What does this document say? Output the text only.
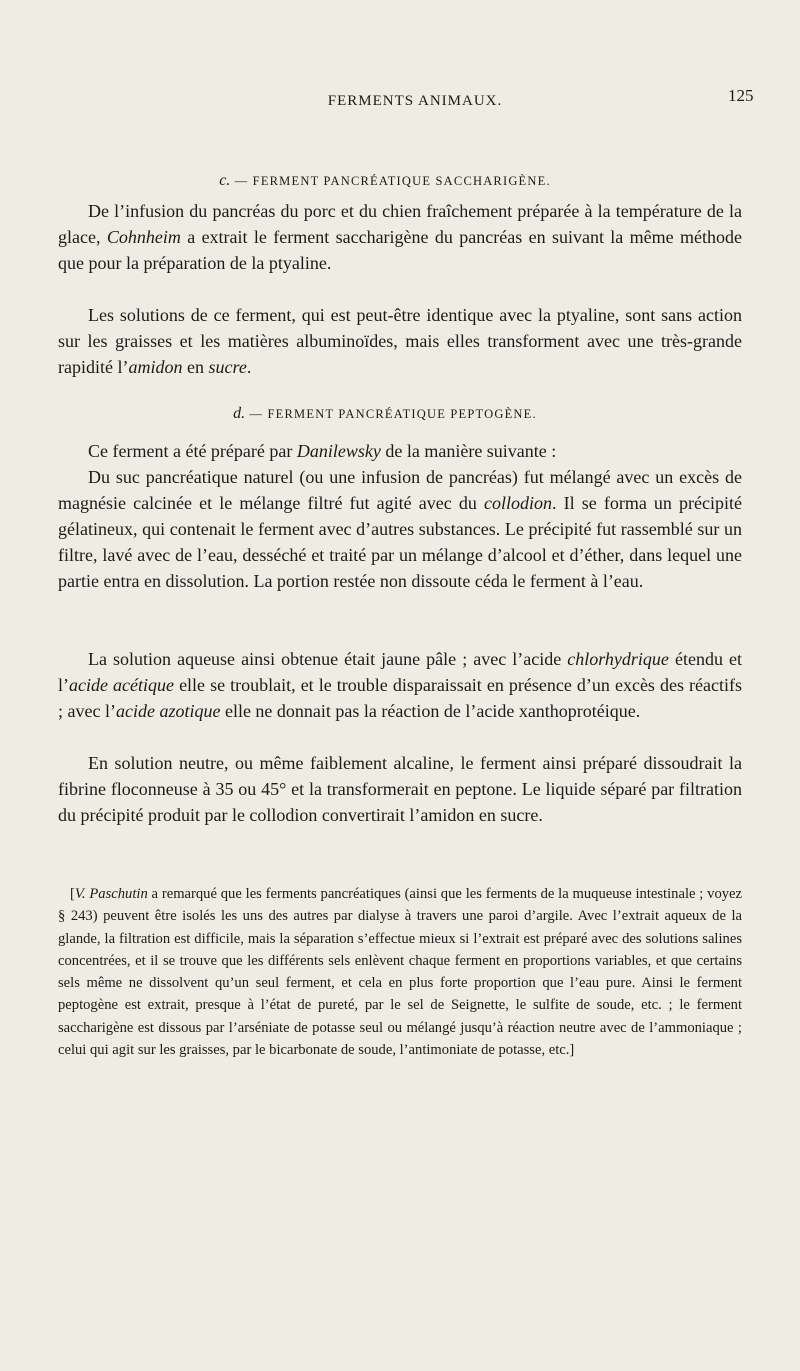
FERMENTS ANIMAUX.	125
c. — FERMENT PANCRÉATIQUE SACCHARIGÈNE.

De l’infusion du pancréas du porc et du chien fraîchement préparée à la température de la glace, Cohnheim a extrait le ferment saccharigène du pancréas en suivant la même méthode que pour la préparation de la ptyaline.

Les solutions de ce ferment, qui est peut-être identique avec la ptyaline, sont sans action sur les graisses et les matières albuminoïdes, mais elles transforment avec une très-grande rapidité l’amidon en sucre.

d. — FERMENT PANCRÉATIQUE PEPTOGÈNE.

Ce ferment a été préparé par Danilewsky de la manière suivante :

Du suc pancréatique naturel (ou une infusion de pancréas) fut mélangé avec un excès de magnésie calcinée et le mélange filtré fut agité avec du collodion. Il se forma un précipité gélatineux, qui contenait le ferment avec d’autres substances. Le précipité fut rassemblé sur un filtre, lavé avec de l’eau, desséché et traité par un mélange d’alcool et d’éther, dans lequel une partie entra en dissolution. La portion restée non dissoute céda le ferment à l’eau.

La solution aqueuse ainsi obtenue était jaune pâle ; avec l’acide chlorhydrique étendu et l’acide acétique elle se troublait, et le trouble disparaissait en présence d’un excès des réactifs ; avec l’acide azotique elle ne donnait pas la réaction de l’acide xanthoprotéique.

En solution neutre, ou même faiblement alcaline, le ferment ainsi préparé dissoudrait la fibrine floconneuse à 35 ou 45° et la transformerait en peptone. Le liquide séparé par filtration du précipité produit par le collodion convertirait l’amidon en sucre.

[V. Paschutin a remarqué que les ferments pancréatiques (ainsi que les ferments de la muqueuse intestinale ; voyez § 243) peuvent être isolés les uns des autres par dialyse à travers une paroi d’argile. Avec l’extrait aqueux de la glande, la filtration est difficile, mais la séparation s’effectue mieux si l’extrait est préparé avec des solutions salines concentrées, et il se trouve que les différents sels enlèvent chaque ferment en proportions variables, et que certains sels même ne dissolvent qu’un seul ferment, et cela en plus forte proportion que l’eau pure. Ainsi le ferment peptogène est extrait, presque à l’état de pureté, par le sel de Seignette, le sulfite de soude, etc. ; le ferment saccharigène est dissous par l’arséniate de potasse seul ou mélangé jusqu’à réaction neutre avec de l’ammoniaque ; celui qui agit sur les graisses, par le bicarbonate de soude, l’antimoniate de potasse, etc.]
